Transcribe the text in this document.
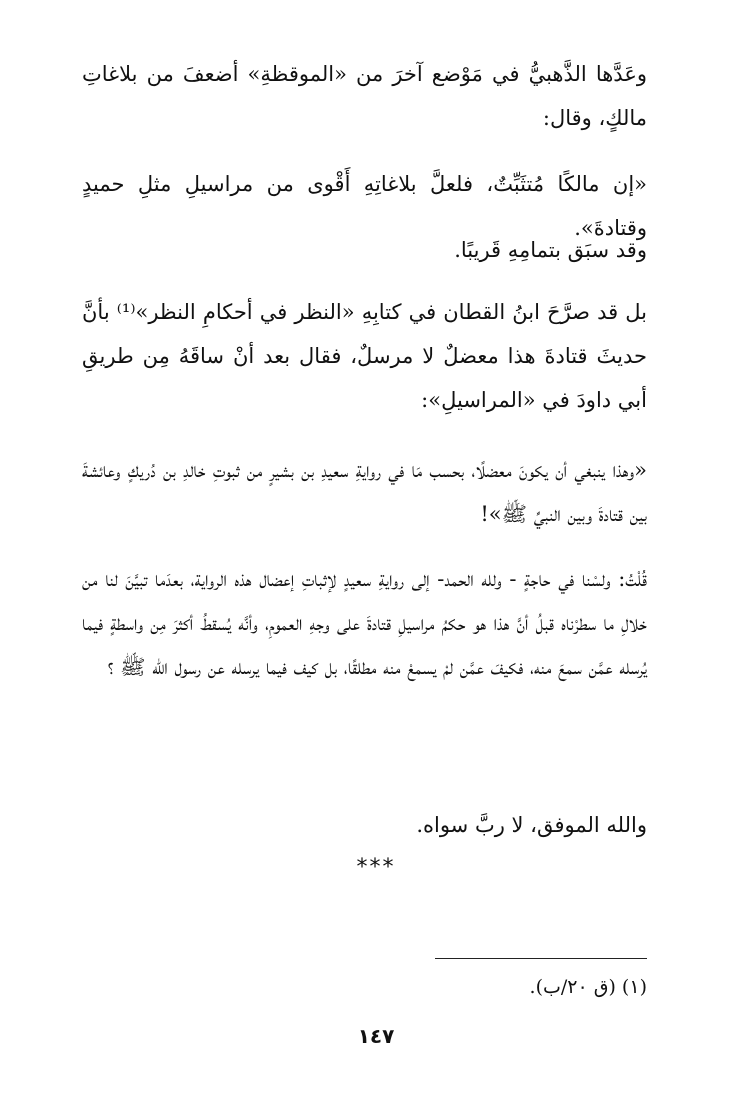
وعَدَّها الذَّهبيُّ في مَوْضع آخرَ من «الموقظةِ» أضعفَ من بلاغاتِ مالكٍ، وقال:

«إن مالكًا مُتثَبِّتٌ، فلعلَّ بلاغاتِهِ أَقْوى من مراسيلِ مثلِ حميدٍ وقتادةَ».

وقد سبَق بتمامِهِ قَريبًا.

بل قد صرَّحَ ابنُ القطان في كتابِهِ «النظر في أحكامِ النظر»⁽¹⁾ بأنَّ حديثَ قتادةَ هذا معضلٌ لا مرسلٌ، فقال بعد أنْ ساقَهُ مِن طريقِ أبي داودَ في «المراسيلِ»:

«وهذا ينبغي أن يكونَ معضلًا، بحسب مَا في روايةِ سعيدِ بن بشيرٍ من ثبوتِ خالدِ بن دُريكٍ وعائشةَ بين قتادةَ وبين النبيِّ ﷺ»!

قُلْتُ: ولسْنا في حاجةٍ - ولله الحمد- إلى روايةِ سعيدٍ لإثباتِ إعضال هذه الرواية، بعدَما تبيَّنَ لنا من خلالِ ما سطرْناه قبلُ أنَّ هذا هو حكمُ مراسيلِ قتادةَ على وجهِ العمومِ، وأنَّه يُسقطُ أكثرَ مِن واسطةٍ فيما يُرسله عمَّن سمعَ منه، فكيفَ عمَّن لمْ يسمعْ منه مطلقًا، بل كيف فيما يرسله عن رسول الله ﷺ ؟

والله الموفق، لا ربَّ سواه.

***

(١) (ق ٢٠/ب).

١٤٧
